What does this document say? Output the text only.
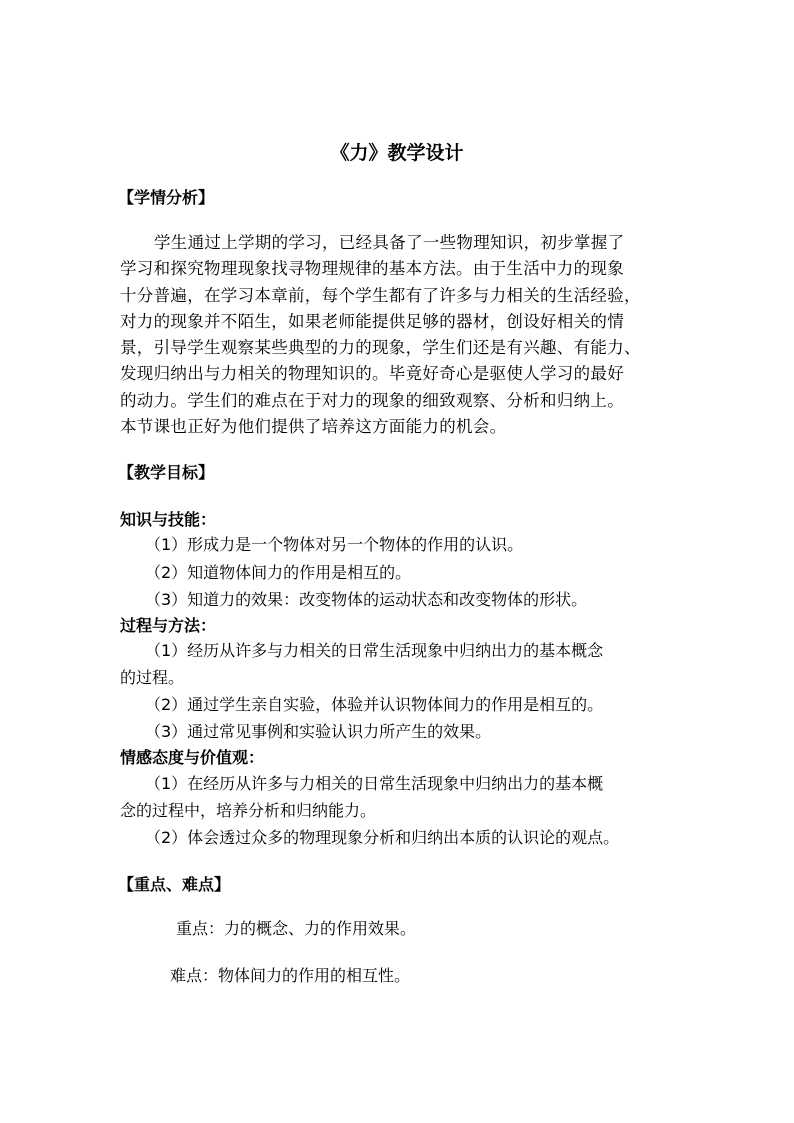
《力》教学设计
【学情分析】
学生通过上学期的学习，已经具备了一些物理知识，初步掌握了
学习和探究物理现象找寻物理规律的基本方法。由于生活中力的现象
十分普遍，在学习本章前，每个学生都有了许多与力相关的生活经验，
对力的现象并不陌生，如果老师能提供足够的器材，创设好相关的情
景，引导学生观察某些典型的力的现象，学生们还是有兴趣、有能力、
发现归纳出与力相关的物理知识的。毕竟好奇心是驱使人学习的最好
的动力。学生们的难点在于对力的现象的细致观察、分析和归纳上。
本节课也正好为他们提供了培养这方面能力的机会。
【教学目标】
知识与技能：
（1）形成力是一个物体对另一个物体的作用的认识。
（2）知道物体间力的作用是相互的。
（3）知道力的效果：改变物体的运动状态和改变物体的形状。
过程与方法：
（1）经历从许多与力相关的日常生活现象中归纳出力的基本概念
的过程。
（2）通过学生亲自实验，体验并认识物体间力的作用是相互的。
（3）通过常见事例和实验认识力所产生的效果。
情感态度与价值观：
（1）在经历从许多与力相关的日常生活现象中归纳出力的基本概
念的过程中，培养分析和归纳能力。
（2）体会透过众多的物理现象分析和归纳出本质的认识论的观点。
【重点、难点】
重点：力的概念、力的作用效果。
难点：物体间力的作用的相互性。
